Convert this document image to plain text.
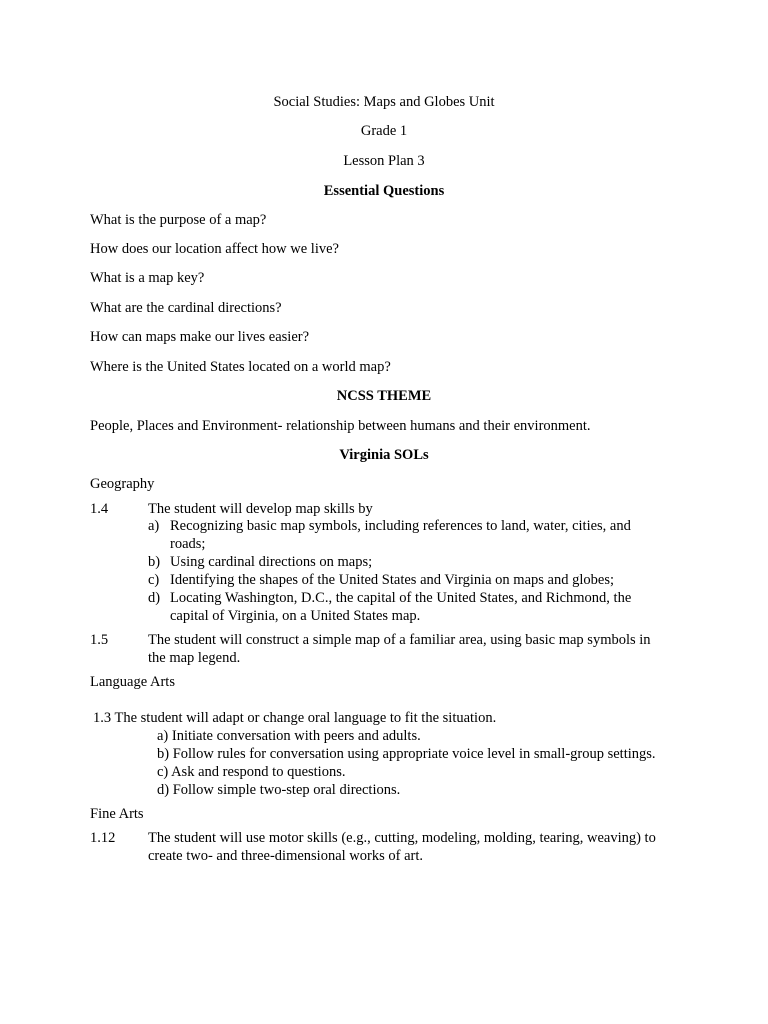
Social Studies: Maps and Globes Unit
Grade 1
Lesson Plan 3
Essential Questions
What is the purpose of a map?
How does our location affect how we live?
What is a map key?
What are the cardinal directions?
How can maps make our lives easier?
Where is the United States located on a world map?
NCSS THEME
People, Places and Environment- relationship between humans and their environment.
Virginia SOLs
Geography
1.4	The student will develop map skills by
a) Recognizing basic map symbols, including references to land, water, cities, and
roads;
b) Using cardinal directions on maps;
c) Identifying the shapes of the United States and Virginia on maps and globes;
d) Locating Washington, D.C., the capital of the United States, and Richmond, the
capital of Virginia, on a United States map.
1.5	The student will construct a simple map of a familiar area, using basic map symbols in
the map legend.
Language Arts
1.3 The student will adapt or change oral language to fit the situation.
a) Initiate conversation with peers and adults.
b) Follow rules for conversation using appropriate voice level in small-group settings.
c) Ask and respond to questions.
d) Follow simple two-step oral directions.
Fine Arts
1.12 The student will use motor skills (e.g., cutting, modeling, molding, tearing, weaving) to
create two- and three-dimensional works of art.
